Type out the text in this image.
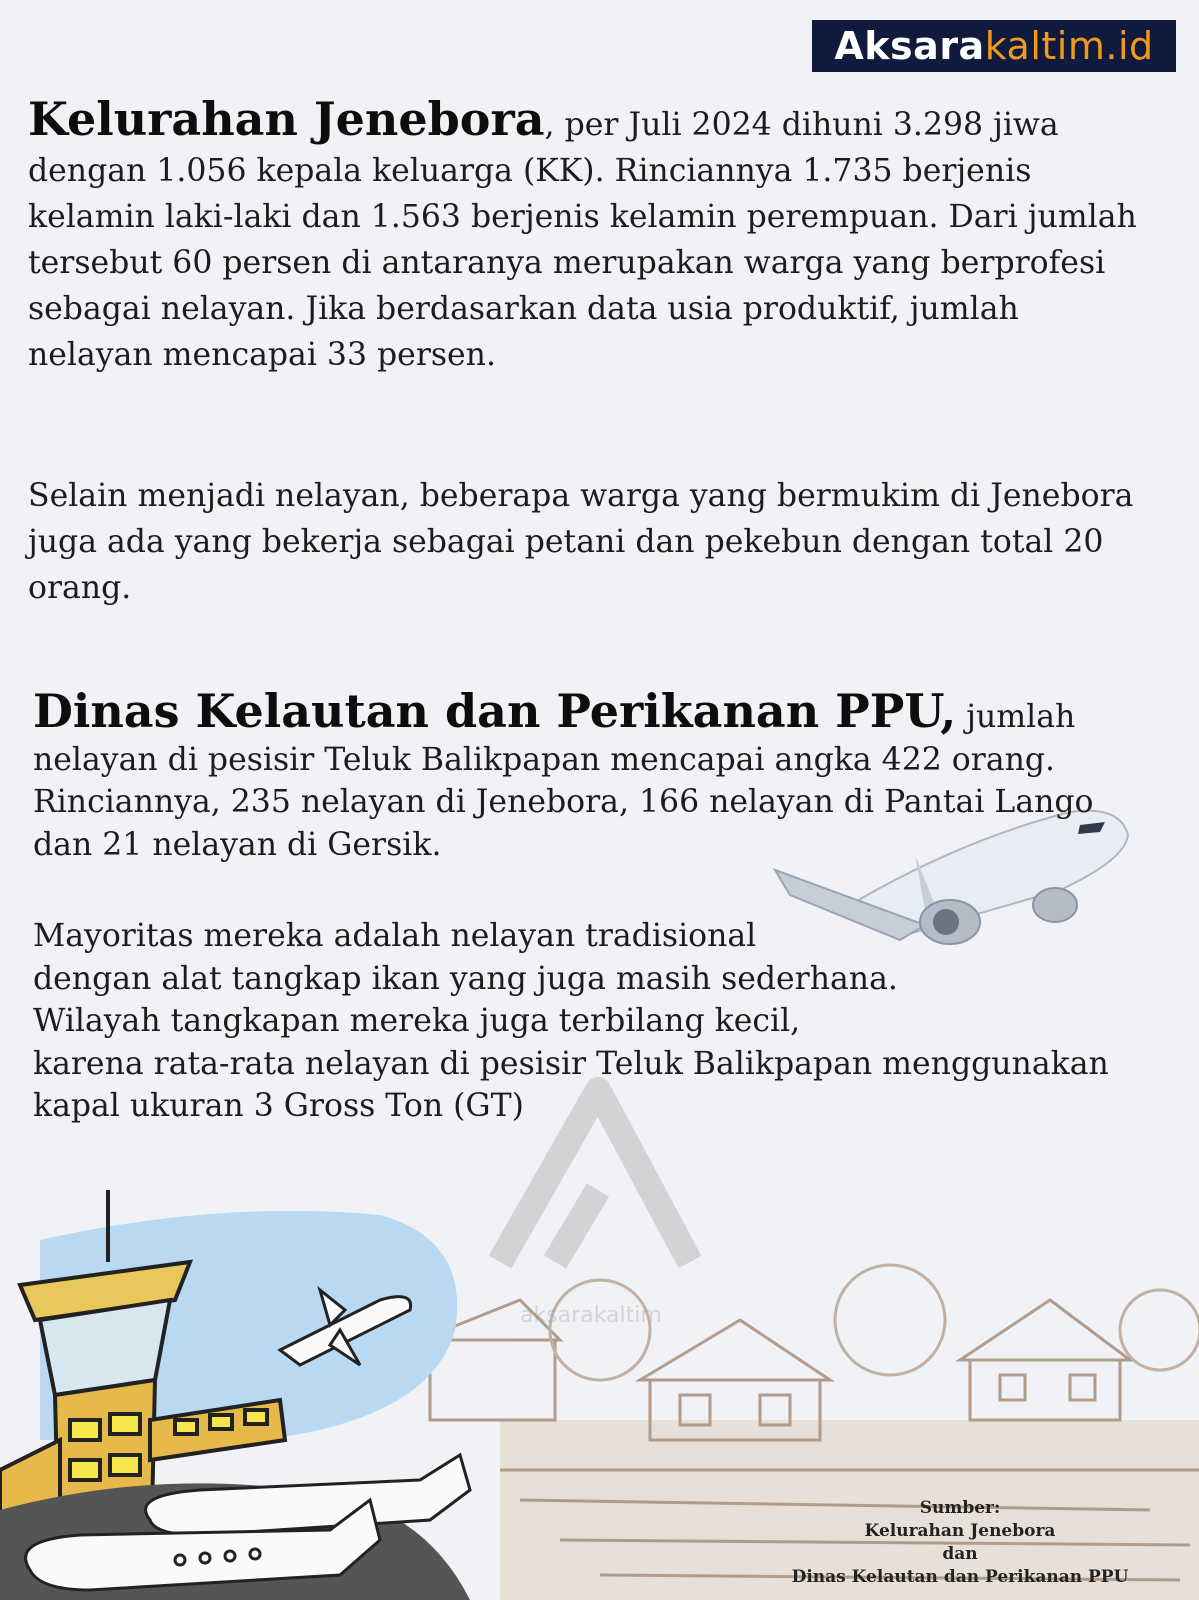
aksarakaltim
Aksara kaltim.id

Kelurahan Jenebora, per Juli 2024 dihuni 3.298 jiwa dengan 1.056 kepala keluarga (KK). Rinciannya 1.735 berjenis kelamin laki-laki dan 1.563 berjenis kelamin perempuan. Dari jumlah tersebut 60 persen di antaranya merupakan warga yang berprofesi sebagai nelayan. Jika berdasarkan data usia produktif, jumlah nelayan mencapai 33 persen.

Selain menjadi nelayan, beberapa warga yang bermukim di Jenebora juga ada yang bekerja sebagai petani dan pekebun dengan total 20 orang.

Dinas Kelautan dan Perikanan PPU, jumlah nelayan di pesisir Teluk Balikpapan mencapai angka 422 orang. Rinciannya, 235 nelayan di Jenebora, 166 nelayan di Pantai Lango dan 21 nelayan di Gersik.

Mayoritas mereka adalah nelayan tradisional
dengan alat tangkap ikan yang juga masih sederhana.
Wilayah tangkapan mereka juga terbilang kecil,
karena rata-rata nelayan di pesisir Teluk Balikpapan menggunakan
kapal ukuran 3 Gross Ton (GT)

Sumber:
Kelurahan Jenebora
dan
Dinas Kelautan dan Perikanan PPU
